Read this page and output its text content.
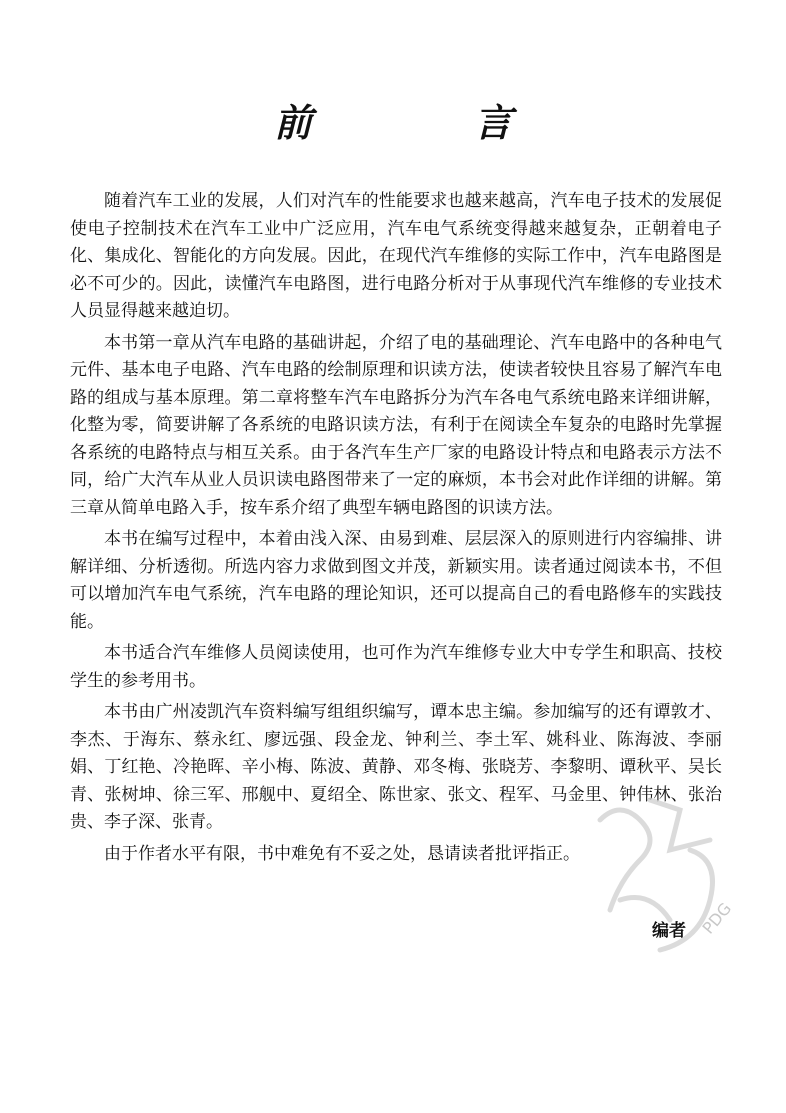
前　言

随着汽车工业的发展，人们对汽车的性能要求也越来越高，汽车电子技术的发展促使电子控制技术在汽车工业中广泛应用，汽车电气系统变得越来越复杂，正朝着电子化、集成化、智能化的方向发展。因此，在现代汽车维修的实际工作中，汽车电路图是必不可少的。因此，读懂汽车电路图，进行电路分析对于从事现代汽车维修的专业技术人员显得越来越迫切。

本书第一章从汽车电路的基础讲起，介绍了电的基础理论、汽车电路中的各种电气元件、基本电子电路、汽车电路的绘制原理和识读方法，使读者较快且容易了解汽车电路的组成与基本原理。第二章将整车汽车电路拆分为汽车各电气系统电路来详细讲解，化整为零，简要讲解了各系统的电路识读方法，有利于在阅读全车复杂的电路时先掌握各系统的电路特点与相互关系。由于各汽车生产厂家的电路设计特点和电路表示方法不同，给广大汽车从业人员识读电路图带来了一定的麻烦，本书会对此作详细的讲解。第三章从简单电路入手，按车系介绍了典型车辆电路图的识读方法。

本书在编写过程中，本着由浅入深、由易到难、层层深入的原则进行内容编排、讲解详细、分析透彻。所选内容力求做到图文并茂，新颖实用。读者通过阅读本书，不但可以增加汽车电气系统，汽车电路的理论知识，还可以提高自己的看电路修车的实践技能。

本书适合汽车维修人员阅读使用，也可作为汽车维修专业大中专学生和职高、技校学生的参考用书。

本书由广州凌凯汽车资料编写组组织编写，谭本忠主编。参加编写的还有谭敦才、李杰、于海东、蔡永红、廖远强、段金龙、钟利兰、李土军、姚科业、陈海波、李丽娟、丁红艳、冷艳晖、辛小梅、陈波、黄静、邓冬梅、张晓芳、李黎明、谭秋平、吴长青、张树坤、徐三军、邢舰中、夏绍全、陈世家、张文、程军、马金里、钟伟林、张治贵、李子深、张青。

由于作者水平有限，书中难免有不妥之处，恳请读者批评指正。

编者 PDG
